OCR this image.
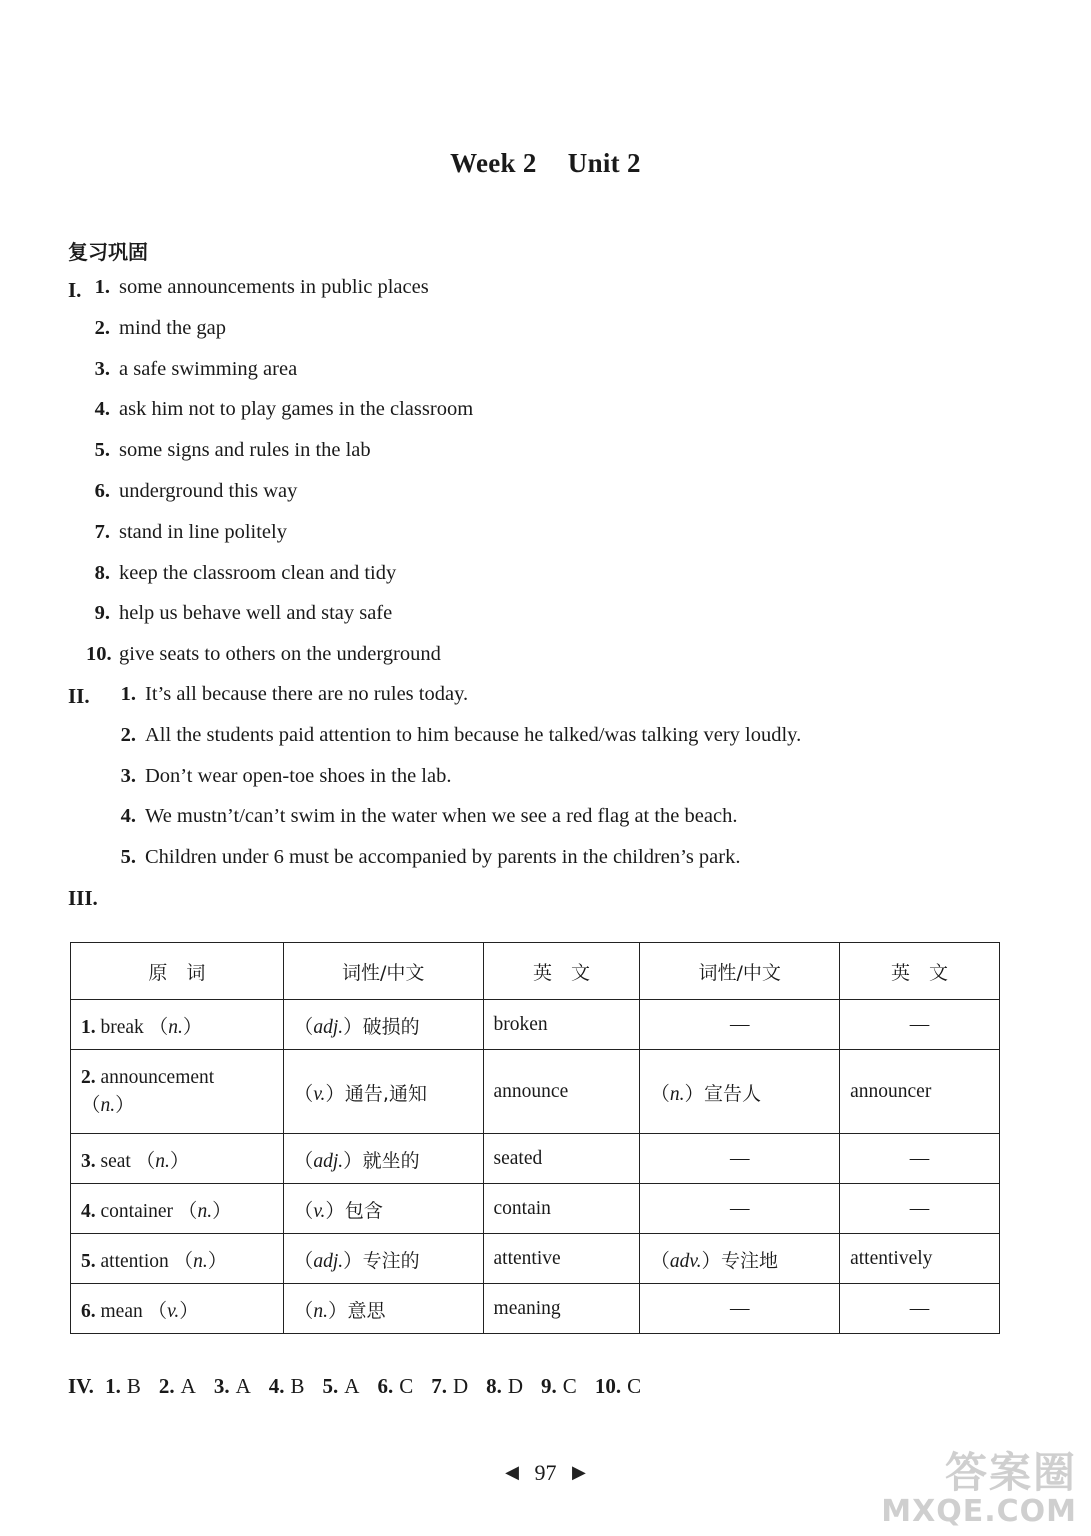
Week 2 Unit 2
复习巩固
I. 1. some announcements in public places
2. mind the gap
3. a safe swimming area
4. ask him not to play games in the classroom
5. some signs and rules in the lab
6. underground this way
7. stand in line politely
8. keep the classroom clean and tidy
9. help us behave well and stay safe
10. give seats to others on the underground
II. 1. It’s all because there are no rules today.
2. All the students paid attention to him because he talked/was talking very loudly.
3. Don’t wear open-toe shoes in the lab.
4. We mustn’t/can’t swim in the water when we see a red flag at the beach.
5. Children under 6 must be accompanied by parents in the children’s park.
III.
原　词	词性/中文	英　文	词性/中文	英　文
1. break （n.）	（adj.）破损的	broken	—	—
2. announcement
（n.）	（v.）通告,通知	announce	（n.）宣告人	announcer
3. seat （n.）	（adj.）就坐的	seated	—	—
4. container （n.）	（v.）包含	contain	—	—
5. attention （n.）	（adj.）专注的	attentive	（adv.）专注地	attentively
6. mean （v.）	（n.）意思	meaning	—	—
IV. 1. B 2. A 3. A 4. B 5. A 6. C 7. D 8. D 9. C 10. C
◀ 97 ▶	答案圈
MXQE.COM
